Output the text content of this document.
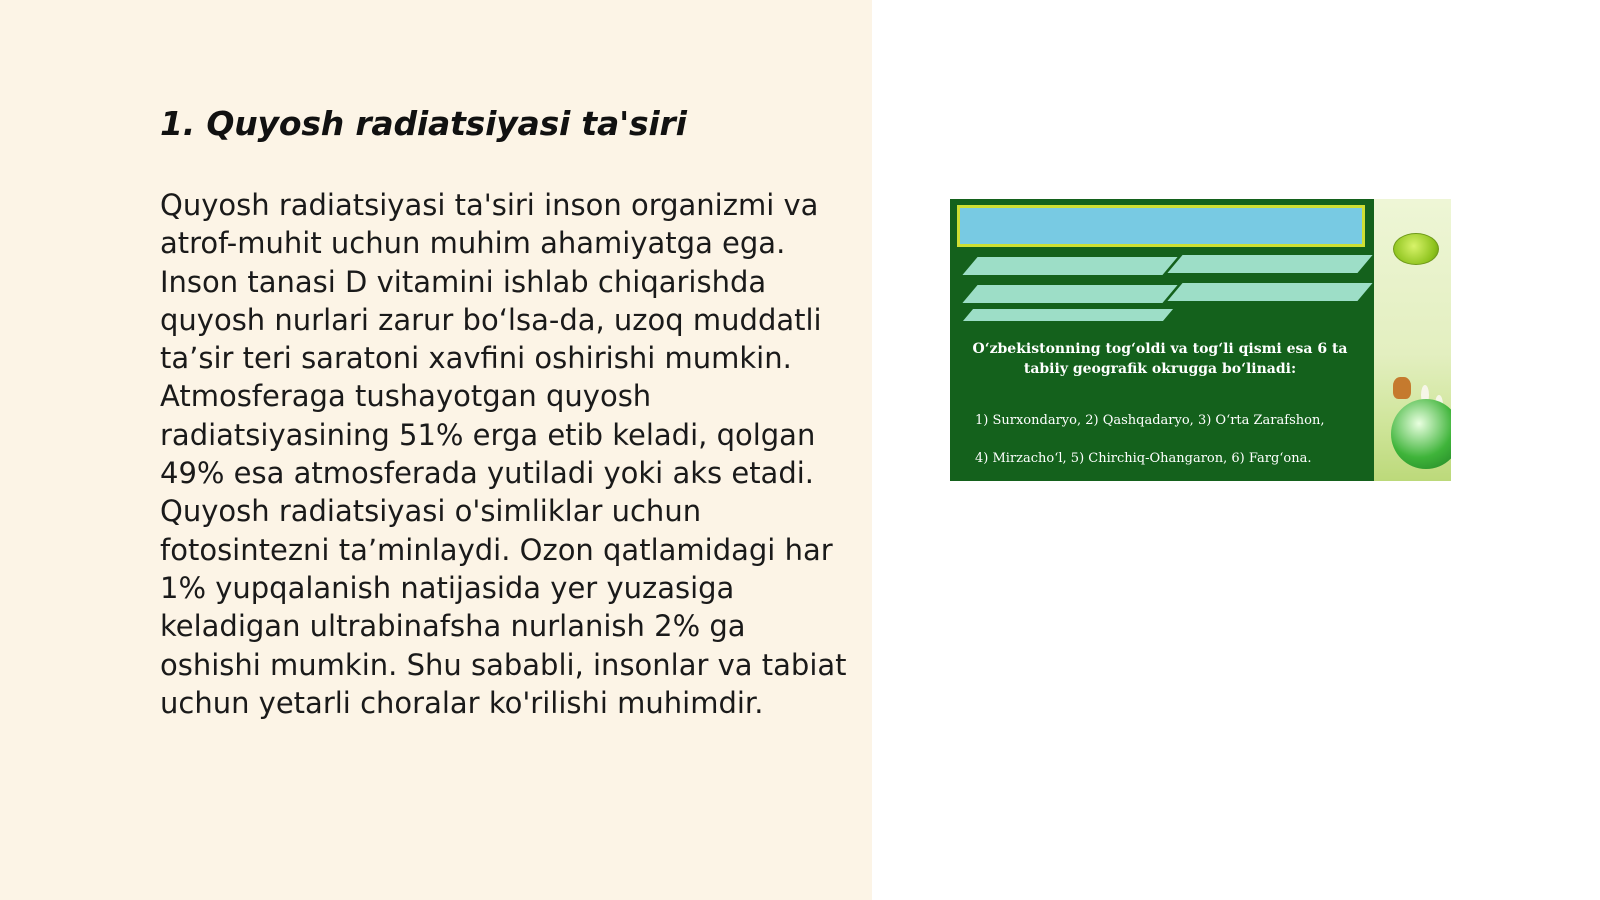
1. Quyosh radiatsiyasi ta'siri

Quyosh radiatsiyasi ta'siri inson organizmi va atrof-muhit uchun muhim ahamiyatga ega. Inson tanasi D vitamini ishlab chiqarishda quyosh nurlari zarur bo‘lsa-da, uzoq muddatli ta’sir teri saratoni xavfini oshirishi mumkin. Atmosferaga tushayotgan quyosh radiatsiyasining 51% erga etib keladi, qolgan 49% esa atmosferada yutiladi yoki aks etadi. Quyosh radiatsiyasi o'simliklar uchun fotosintezni ta’minlaydi. Ozon qatlamidagi har 1% yupqalanish natijasida yer yuzasiga keladigan ultrabinafsha nurlanish 2% ga oshishi mumkin. Shu sababli, insonlar va tabiat uchun yetarli choralar ko'rilishi muhimdir.

O‘zbekistonning tog‘oldi va tog‘li qismi esa 6 ta tabiiy geografik okrugga bo‘linadi:
1) Surxondaryo, 2) Qashqadaryo, 3) O‘rta Zarafshon,
4) Mirzacho‘l, 5) Chirchiq-Ohangaron, 6) Farg‘ona.
